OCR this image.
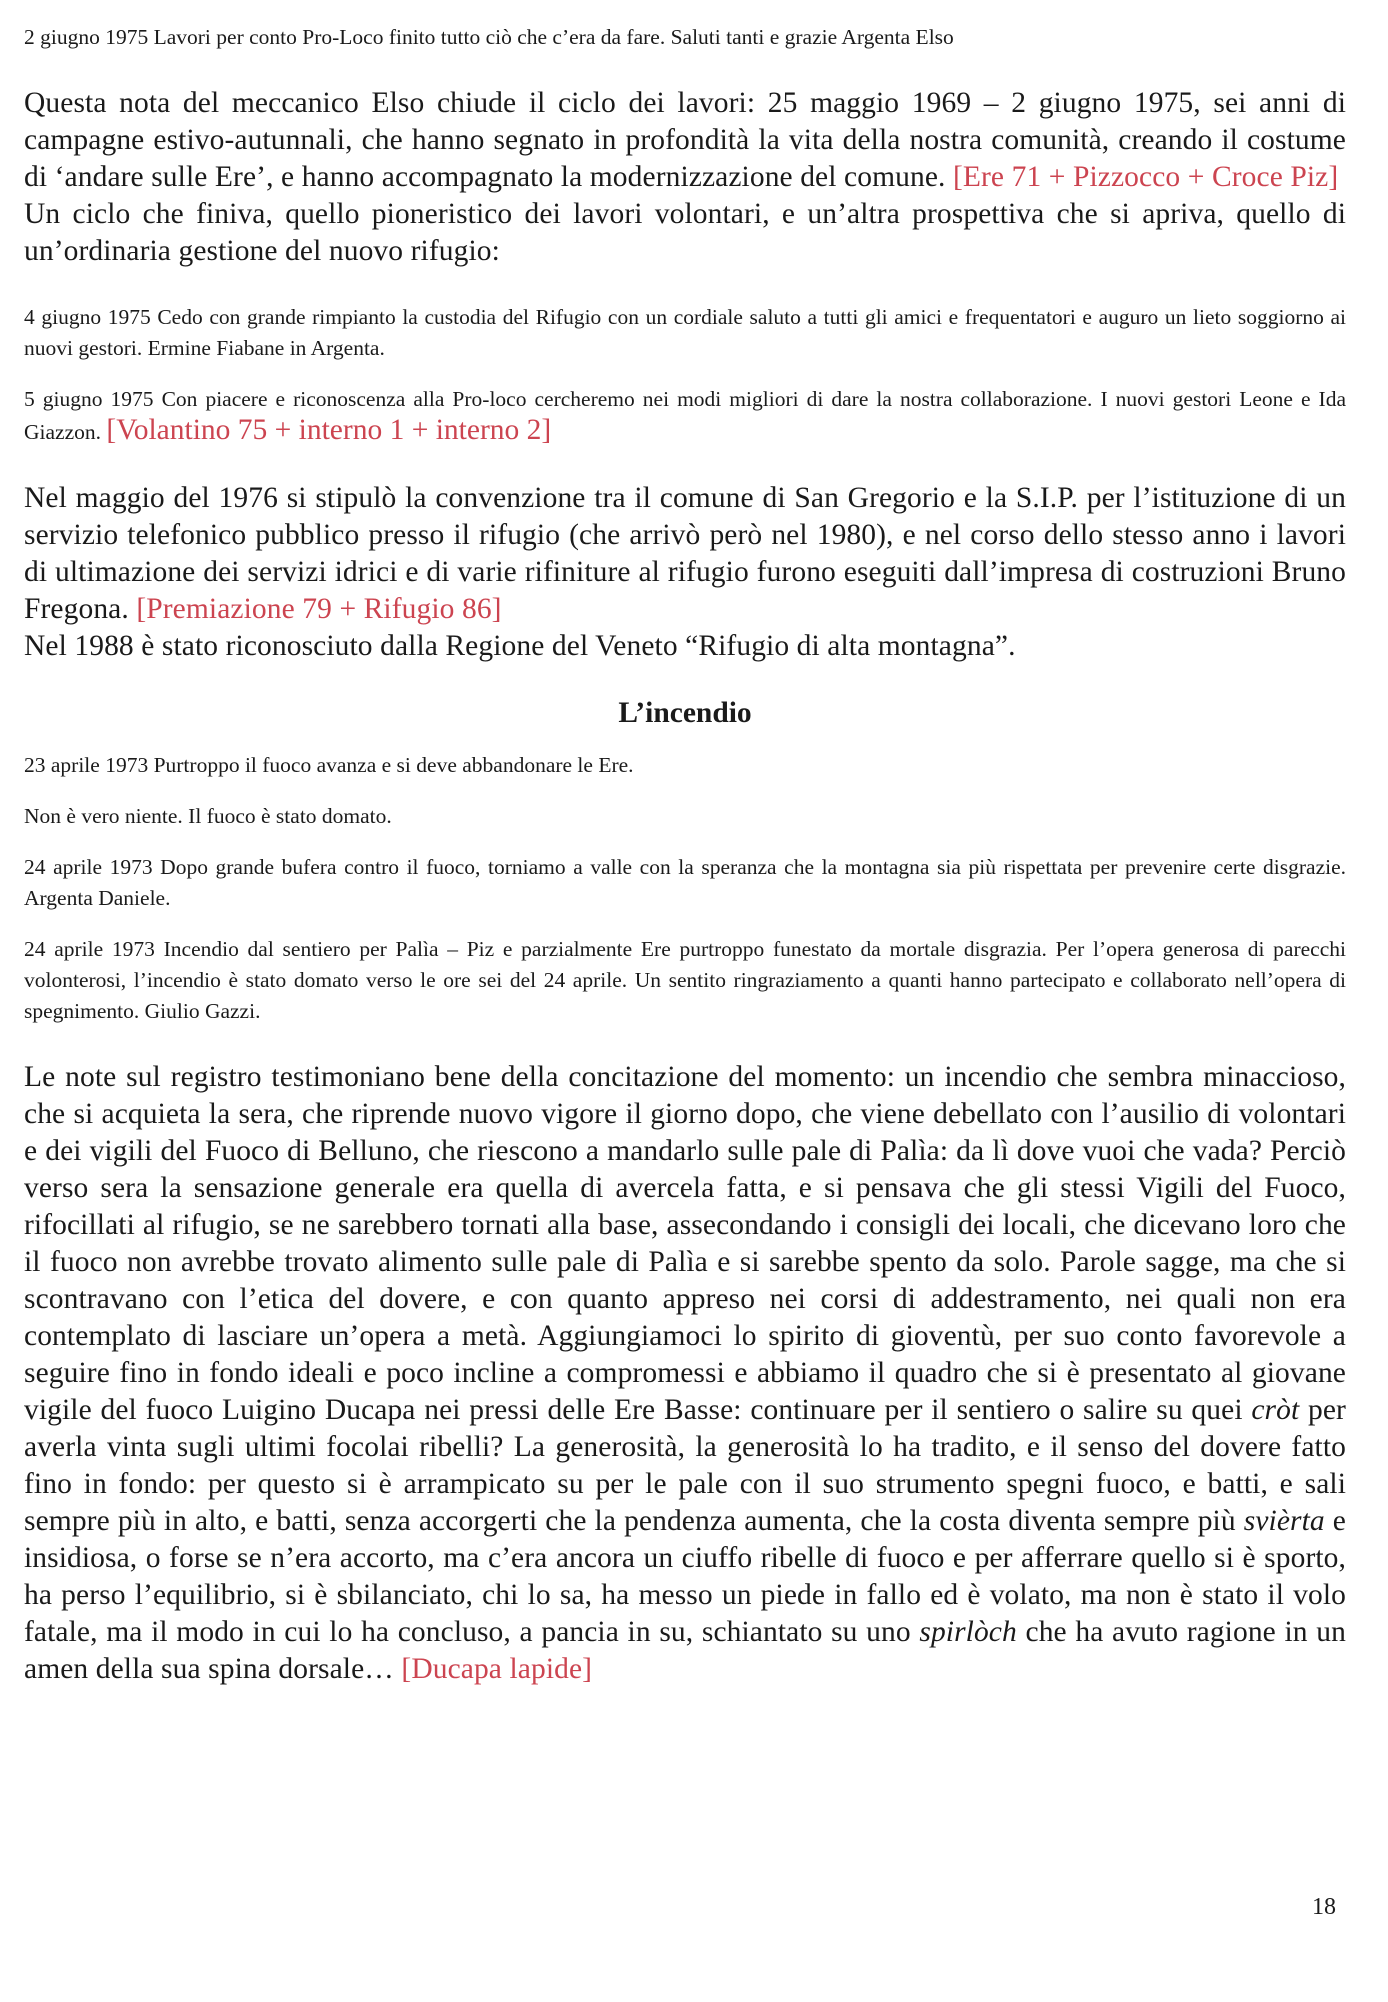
2 giugno 1975 Lavori per conto Pro-Loco finito tutto ciò che c’era da fare. Saluti tanti e grazie Argenta Elso

Questa nota del meccanico Elso chiude il ciclo dei lavori: 25 maggio 1969 – 2 giugno 1975, sei anni di campagne estivo-autunnali, che hanno segnato in profondità la vita della nostra comunità, creando il costume di ‘andare sulle Ere’, e hanno accompagnato la modernizzazione del comune. [Ere 71 + Pizzocco + Croce Piz]

Un ciclo che finiva, quello pioneristico dei lavori volontari, e un’altra prospettiva che si apriva, quello di un’ordinaria gestione del nuovo rifugio:

4 giugno 1975 Cedo con grande rimpianto la custodia del Rifugio con un cordiale saluto a tutti gli amici e frequentatori e auguro un lieto soggiorno ai nuovi gestori. Ermine Fiabane in Argenta.

5 giugno 1975 Con piacere e riconoscenza alla Pro-loco cercheremo nei modi migliori di dare la nostra collaborazione. I nuovi gestori Leone e Ida Giazzon. [Volantino 75 + interno 1 + interno 2]

Nel maggio del 1976 si stipulò la convenzione tra il comune di San Gregorio e la S.I.P. per l’istituzione di un servizio telefonico pubblico presso il rifugio (che arrivò però nel 1980), e nel corso dello stesso anno i lavori di ultimazione dei servizi idrici e di varie rifiniture al rifugio furono eseguiti dall’impresa di costruzioni Bruno Fregona. [Premiazione 79 + Rifugio 86]

Nel 1988 è stato riconosciuto dalla Regione del Veneto “Rifugio di alta montagna”.

L’incendio

23 aprile 1973 Purtroppo il fuoco avanza e si deve abbandonare le Ere.

Non è vero niente. Il fuoco è stato domato.

24 aprile 1973 Dopo grande bufera contro il fuoco, torniamo a valle con la speranza che la montagna sia più rispettata per prevenire certe disgrazie. Argenta Daniele.

24 aprile 1973 Incendio dal sentiero per Palìa – Piz e parzialmente Ere purtroppo funestato da mortale disgrazia. Per l’opera generosa di parecchi volonterosi, l’incendio è stato domato verso le ore sei del 24 aprile. Un sentito ringraziamento a quanti hanno partecipato e collaborato nell’opera di spegnimento. Giulio Gazzi.

Le note sul registro testimoniano bene della concitazione del momento: un incendio che sembra minaccioso, che si acquieta la sera, che riprende nuovo vigore il giorno dopo, che viene debellato con l’ausilio di volontari e dei vigili del Fuoco di Belluno, che riescono a mandarlo sulle pale di Palìa: da lì dove vuoi che vada? Perciò verso sera la sensazione generale era quella di avercela fatta, e si pensava che gli stessi Vigili del Fuoco, rifocillati al rifugio, se ne sarebbero tornati alla base, assecondando i consigli dei locali, che dicevano loro che il fuoco non avrebbe trovato alimento sulle pale di Palìa e si sarebbe spento da solo. Parole sagge, ma che si scontravano con l’etica del dovere, e con quanto appreso nei corsi di addestramento, nei quali non era contemplato di lasciare un’opera a metà. Aggiungiamoci lo spirito di gioventù, per suo conto favorevole a seguire fino in fondo ideali e poco incline a compromessi e abbiamo il quadro che si è presentato al giovane vigile del fuoco Luigino Ducapa nei pressi delle Ere Basse: continuare per il sentiero o salire su quei cròt per averla vinta sugli ultimi focolai ribelli? La generosità, la generosità lo ha tradito, e il senso del dovere fatto fino in fondo: per questo si è arrampicato su per le pale con il suo strumento spegni fuoco, e batti, e sali sempre più in alto, e batti, senza accorgerti che la pendenza aumenta, che la costa diventa sempre più svièrta e insidiosa, o forse se n’era accorto, ma c’era ancora un ciuffo ribelle di fuoco e per afferrare quello si è sporto, ha perso l’equilibrio, si è sbilanciato, chi lo sa, ha messo un piede in fallo ed è volato, ma non è stato il volo fatale, ma il modo in cui lo ha concluso, a pancia in su, schiantato su uno spirlòch che ha avuto ragione in un amen della sua spina dorsale… [Ducapa lapide]

18
